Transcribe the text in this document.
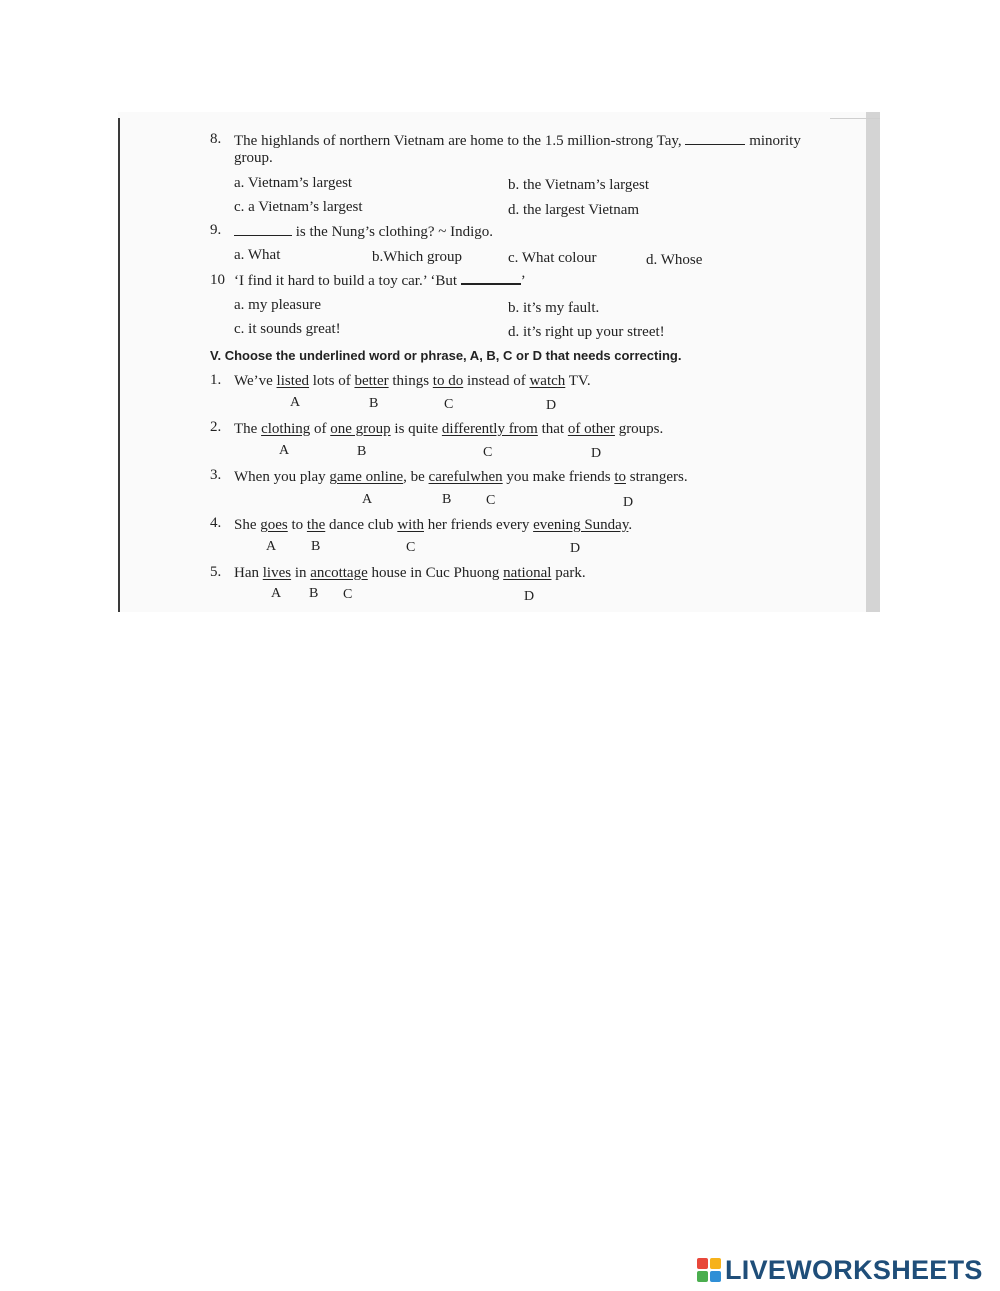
8. The highlands of northern Vietnam are home to the 1.5 million-strong Tay,	minority
group.
a. Vietnam’s largest	b. the Vietnam’s largest
c. a Vietnam’s largest	d. the largest Vietnam
9.	is the Nung’s clothing? ~ Indigo.
a. What	b.Which group	c. What colour	d. Whose
10 ‘I find it hard to build a toy car.’ ‘But	’
a. my pleasure	b. it’s my fault.
c. it sounds great!	d. it’s right up your street!
V. Choose the underlined word or phrase, A, B, C or D that needs correcting.
1. We’ve listed lots of better things to do instead of watch TV.
A	B	C	D
2. The clothing of one group is quite differently from that of other groups.
A	B	C	D
3. When you play game online, be carefulwhen you make friends to strangers.
A	B C	D
4. She goes to the dance club with her friends every evening Sunday.
A B	C	D
5. Han lives in ancottage house in Cuc Phuong national park.
A B C	D
LIVEWORKSHEETS
